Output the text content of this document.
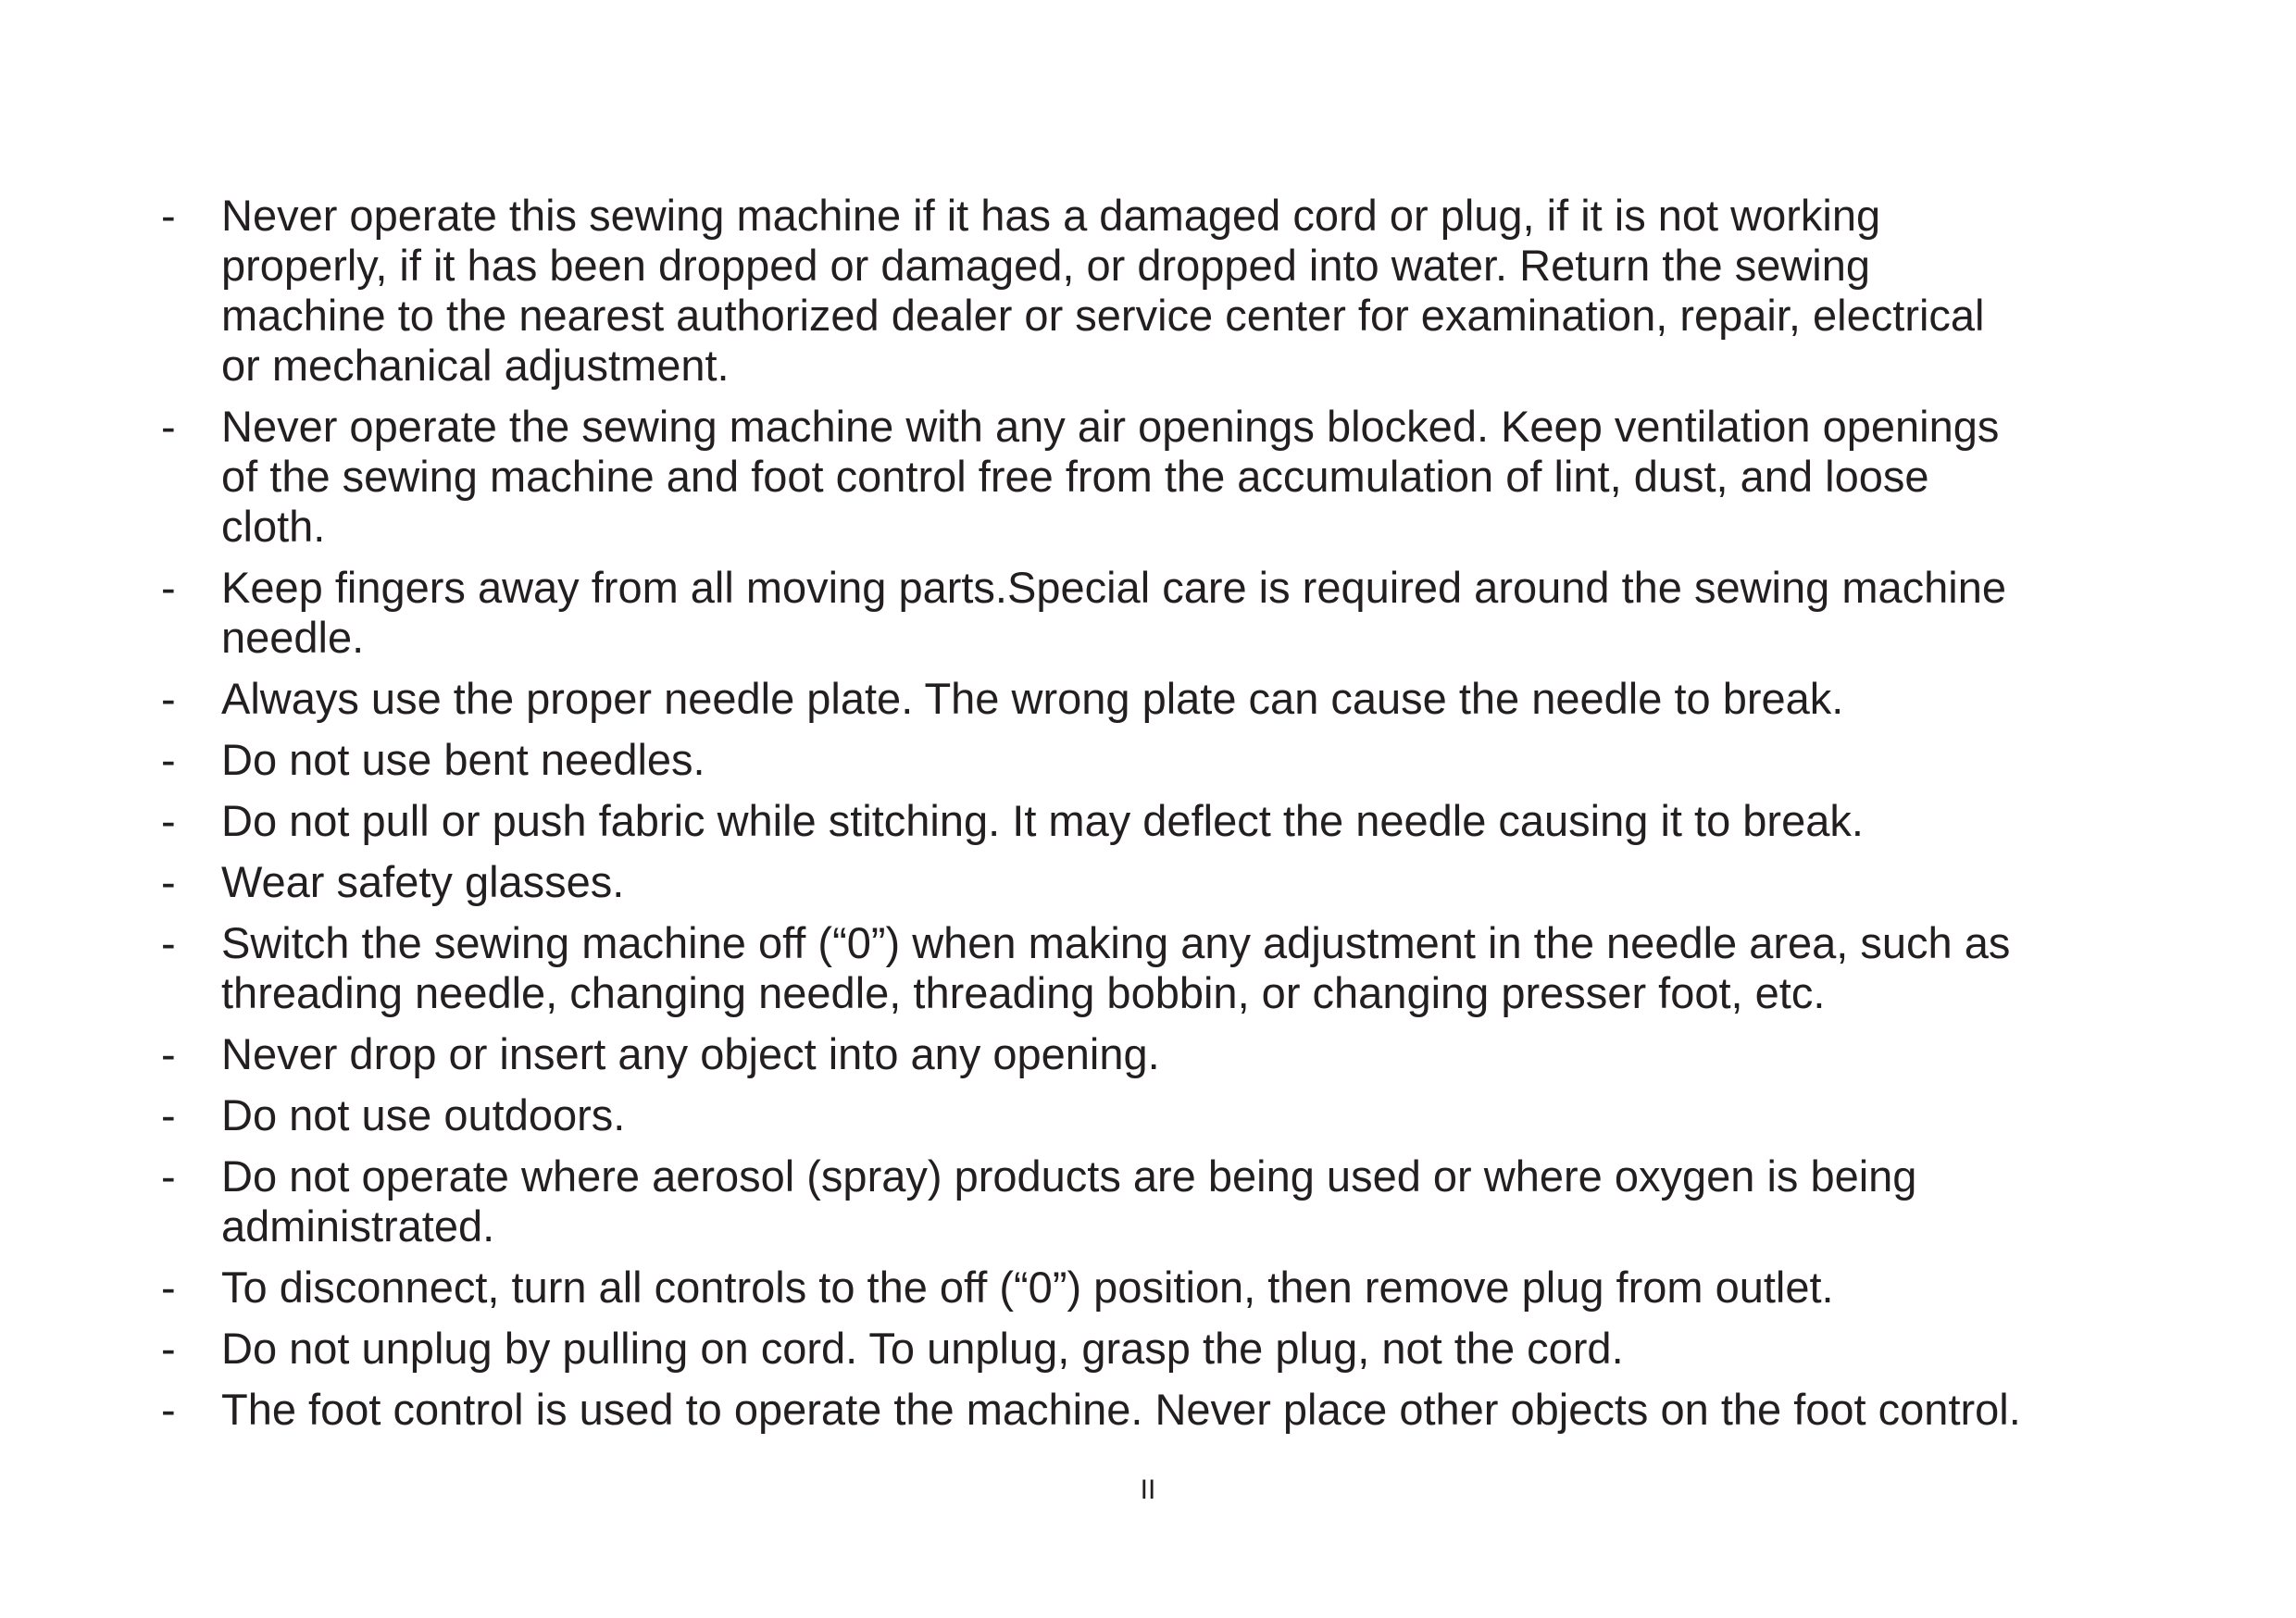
- Never operate this sewing machine if it has a damaged cord or plug, if it is not working
properly, if it has been dropped or damaged, or dropped into water. Return the sewing
machine to the nearest authorized dealer or service center for examination, repair, electrical
or mechanical adjustment.
- Never operate the sewing machine with any air openings blocked. Keep ventilation openings
of the sewing machine and foot control free from the accumulation of lint, dust, and loose
cloth.
- Keep fingers away from all moving parts.Special care is required around the sewing machine
needle.
- Always use the proper needle plate. The wrong plate can cause the needle to break.
- Do not use bent needles.
- Do not pull or push fabric while stitching. It may deflect the needle causing it to break.
- Wear safety glasses.
- Switch the sewing machine off (“0”) when making any adjustment in the needle area, such as
threading needle, changing needle, threading bobbin, or changing presser foot, etc.
- Never drop or insert any object into any opening.
- Do not use outdoors.
- Do not operate where aerosol (spray) products are being used or where oxygen is being
administrated.
- To disconnect, turn all controls to the off (“0”) position, then remove plug from outlet.
- Do not unplug by pulling on cord. To unplug, grasp the plug, not the cord.
- The foot control is used to operate the machine. Never place other objects on the foot control.
II
